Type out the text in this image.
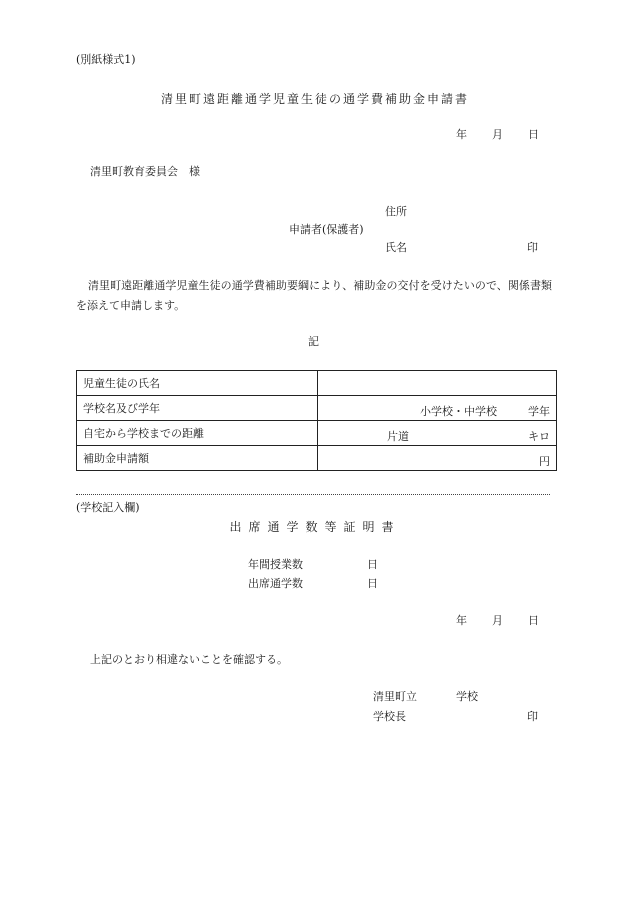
(別紙様式1)
清里町遠距離通学児童生徒の通学費補助金申請書
年 月 日
清里町教育委員会　様
住所
申請者(保護者)
氏名	印
清里町遠距離通学児童生徒の通学費補助要綱により、補助金の交付を受けたいので、関係書類を添えて申請します。
記
児童生徒の氏名	
学校名及び学年	小学校・中学校 学年

自宅から学校までの距離	片道 キロ

補助金申請額	円
(学校記入欄)
出席通学数等証明書
年間授業数	日
出席通学数	日
年 月 日
上記のとおり相違ないことを確認する。
清里町立	学校
学校長	印
